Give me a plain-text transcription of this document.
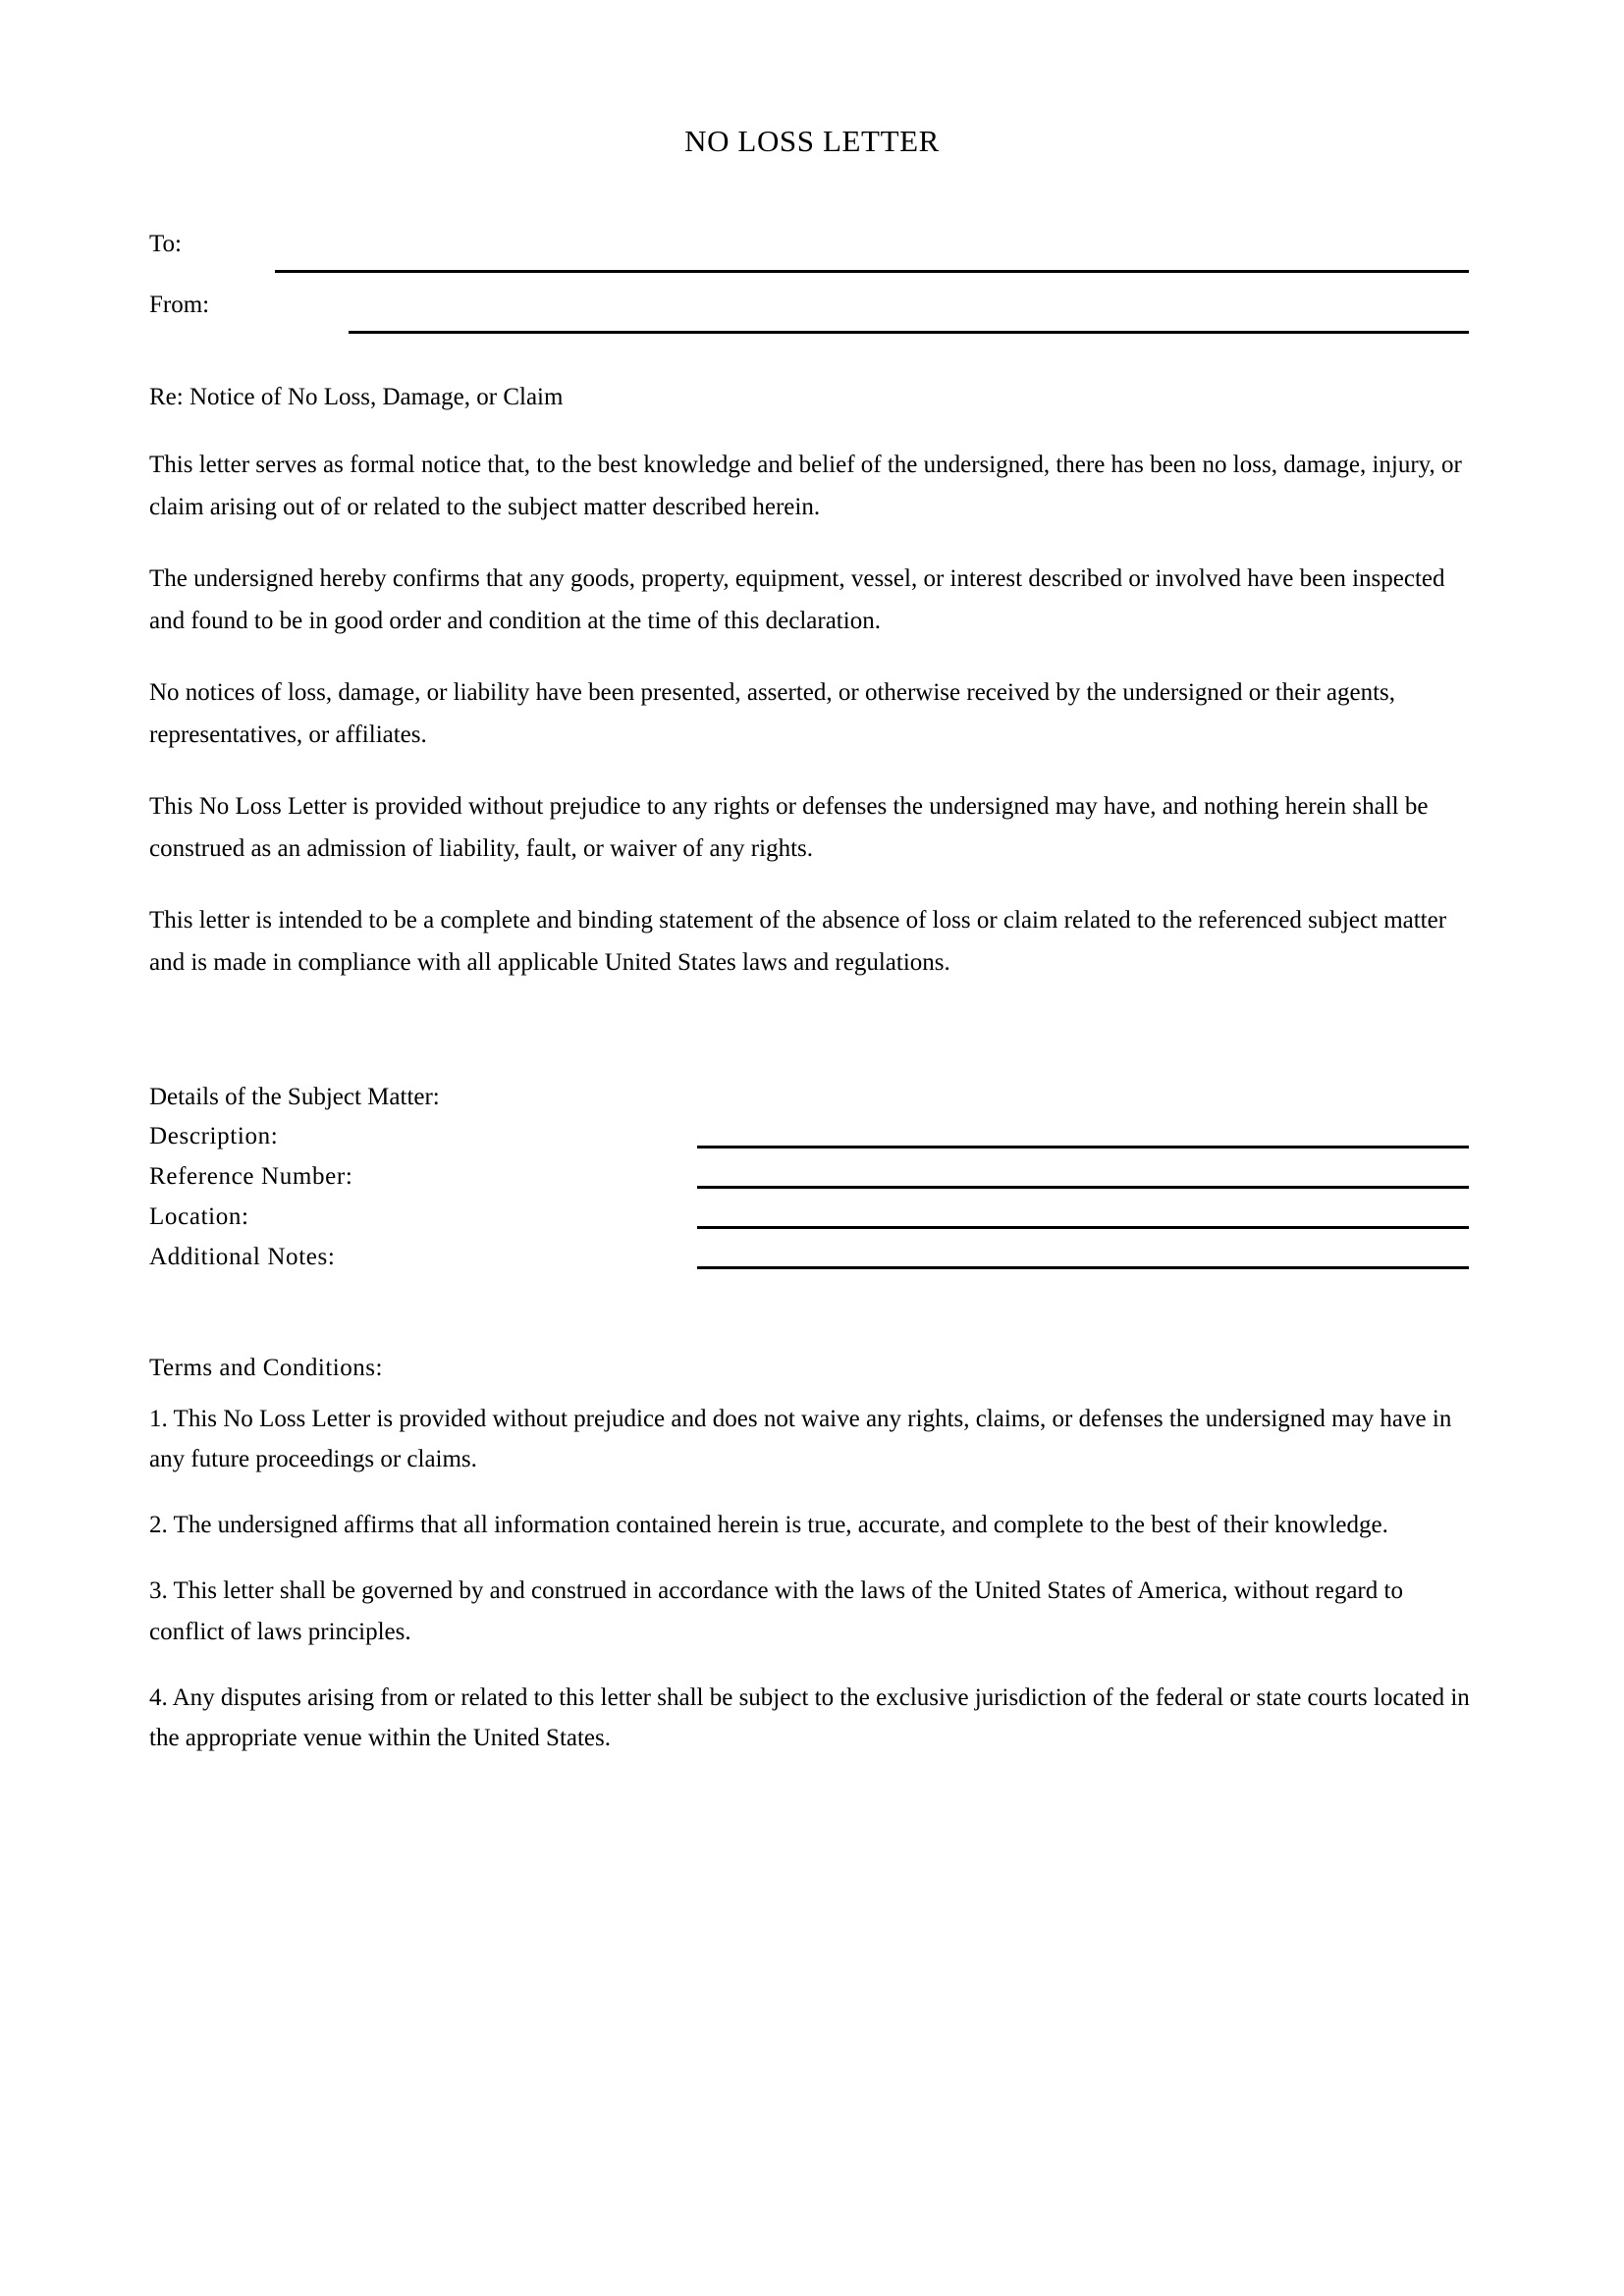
NO LOSS LETTER
To:
From:
Re: Notice of No Loss, Damage, or Claim

This letter serves as formal notice that, to the best knowledge and belief of the undersigned, there has been no loss, damage, injury, or claim arising out of or related to the subject matter described herein.

The undersigned hereby confirms that any goods, property, equipment, vessel, or interest described or involved have been inspected and found to be in good order and condition at the time of this declaration.

No notices of loss, damage, or liability have been presented, asserted, or otherwise received by the undersigned or their agents, representatives, or affiliates.

This No Loss Letter is provided without prejudice to any rights or defenses the undersigned may have, and nothing herein shall be construed as an admission of liability, fault, or waiver of any rights.

This letter is intended to be a complete and binding statement of the absence of loss or claim related to the referenced subject matter and is made in compliance with all applicable United States laws and regulations.

Details of the Subject Matter:
Description:
Reference Number:
Location:
Additional Notes:
Terms and Conditions:

1. This No Loss Letter is provided without prejudice and does not waive any rights, claims, or defenses the undersigned may have in any future proceedings or claims.

2. The undersigned affirms that all information contained herein is true, accurate, and complete to the best of their knowledge.

3. This letter shall be governed by and construed in accordance with the laws of the United States of America, without regard to conflict of laws principles.

4. Any disputes arising from or related to this letter shall be subject to the exclusive jurisdiction of the federal or state courts located in the appropriate venue within the United States.
